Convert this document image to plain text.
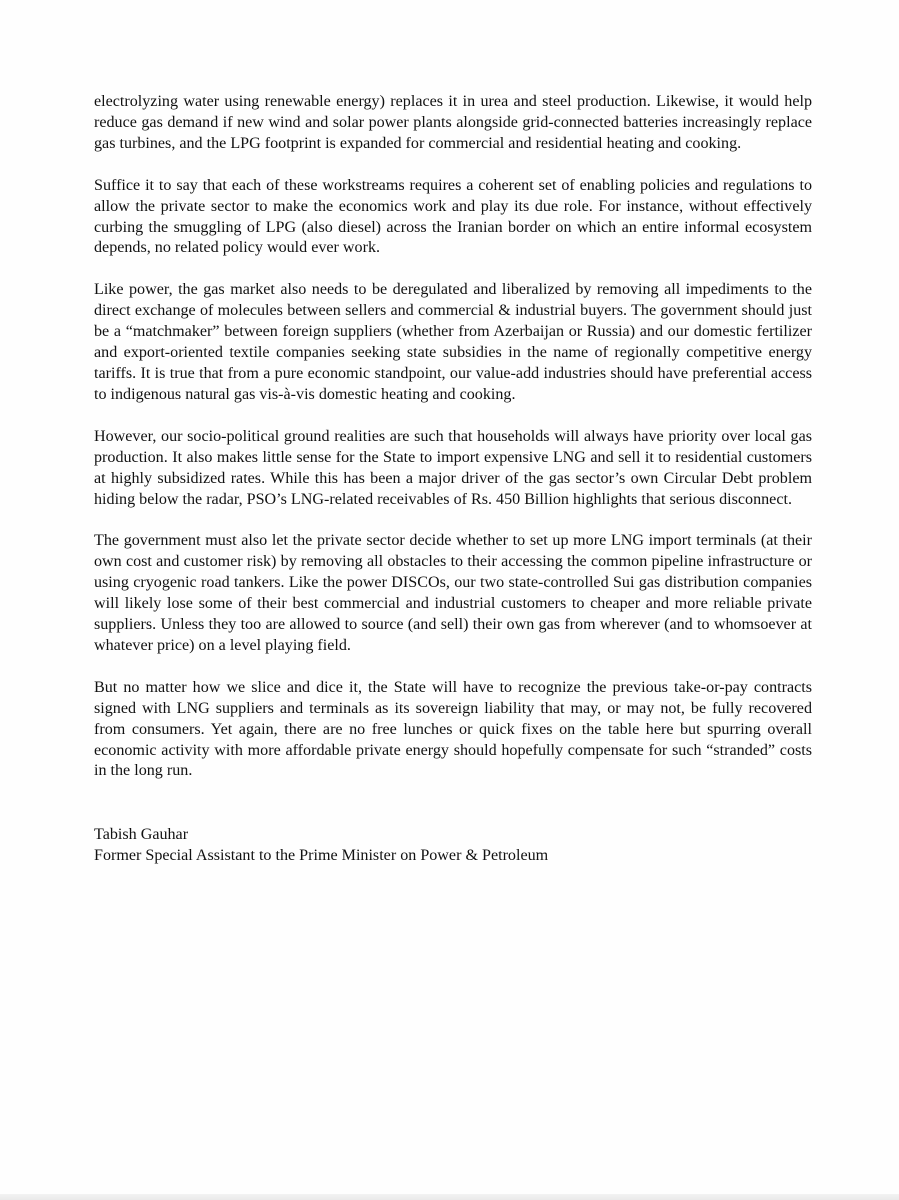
electrolyzing water using renewable energy) replaces it in urea and steel production. Likewise, it would help reduce gas demand if new wind and solar power plants alongside grid-connected batteries increasingly replace gas turbines, and the LPG footprint is expanded for commercial and residential heating and cooking.

Suffice it to say that each of these workstreams requires a coherent set of enabling policies and regulations to allow the private sector to make the economics work and play its due role. For instance, without effectively curbing the smuggling of LPG (also diesel) across the Iranian border on which an entire informal ecosystem depends, no related policy would ever work.

Like power, the gas market also needs to be deregulated and liberalized by removing all impediments to the direct exchange of molecules between sellers and commercial & industrial buyers. The government should just be a “matchmaker” between foreign suppliers (whether from Azerbaijan or Russia) and our domestic fertilizer and export-oriented textile companies seeking state subsidies in the name of regionally competitive energy tariffs. It is true that from a pure economic standpoint, our value-add industries should have preferential access to indigenous natural gas vis-à-vis domestic heating and cooking.

However, our socio-political ground realities are such that households will always have priority over local gas production. It also makes little sense for the State to import expensive LNG and sell it to residential customers at highly subsidized rates. While this has been a major driver of the gas sector’s own Circular Debt problem hiding below the radar, PSO’s LNG-related receivables of Rs. 450 Billion highlights that serious disconnect.

The government must also let the private sector decide whether to set up more LNG import terminals (at their own cost and customer risk) by removing all obstacles to their accessing the common pipeline infrastructure or using cryogenic road tankers. Like the power DISCOs, our two state-controlled Sui gas distribution companies will likely lose some of their best commercial and industrial customers to cheaper and more reliable private suppliers. Unless they too are allowed to source (and sell) their own gas from wherever (and to whomsoever at whatever price) on a level playing field.

But no matter how we slice and dice it, the State will have to recognize the previous take-or-pay contracts signed with LNG suppliers and terminals as its sovereign liability that may, or may not, be fully recovered from consumers. Yet again, there are no free lunches or quick fixes on the table here but spurring overall economic activity with more affordable private energy should hopefully compensate for such “stranded” costs in the long run.

Tabish Gauhar
Former Special Assistant to the Prime Minister on Power & Petroleum
